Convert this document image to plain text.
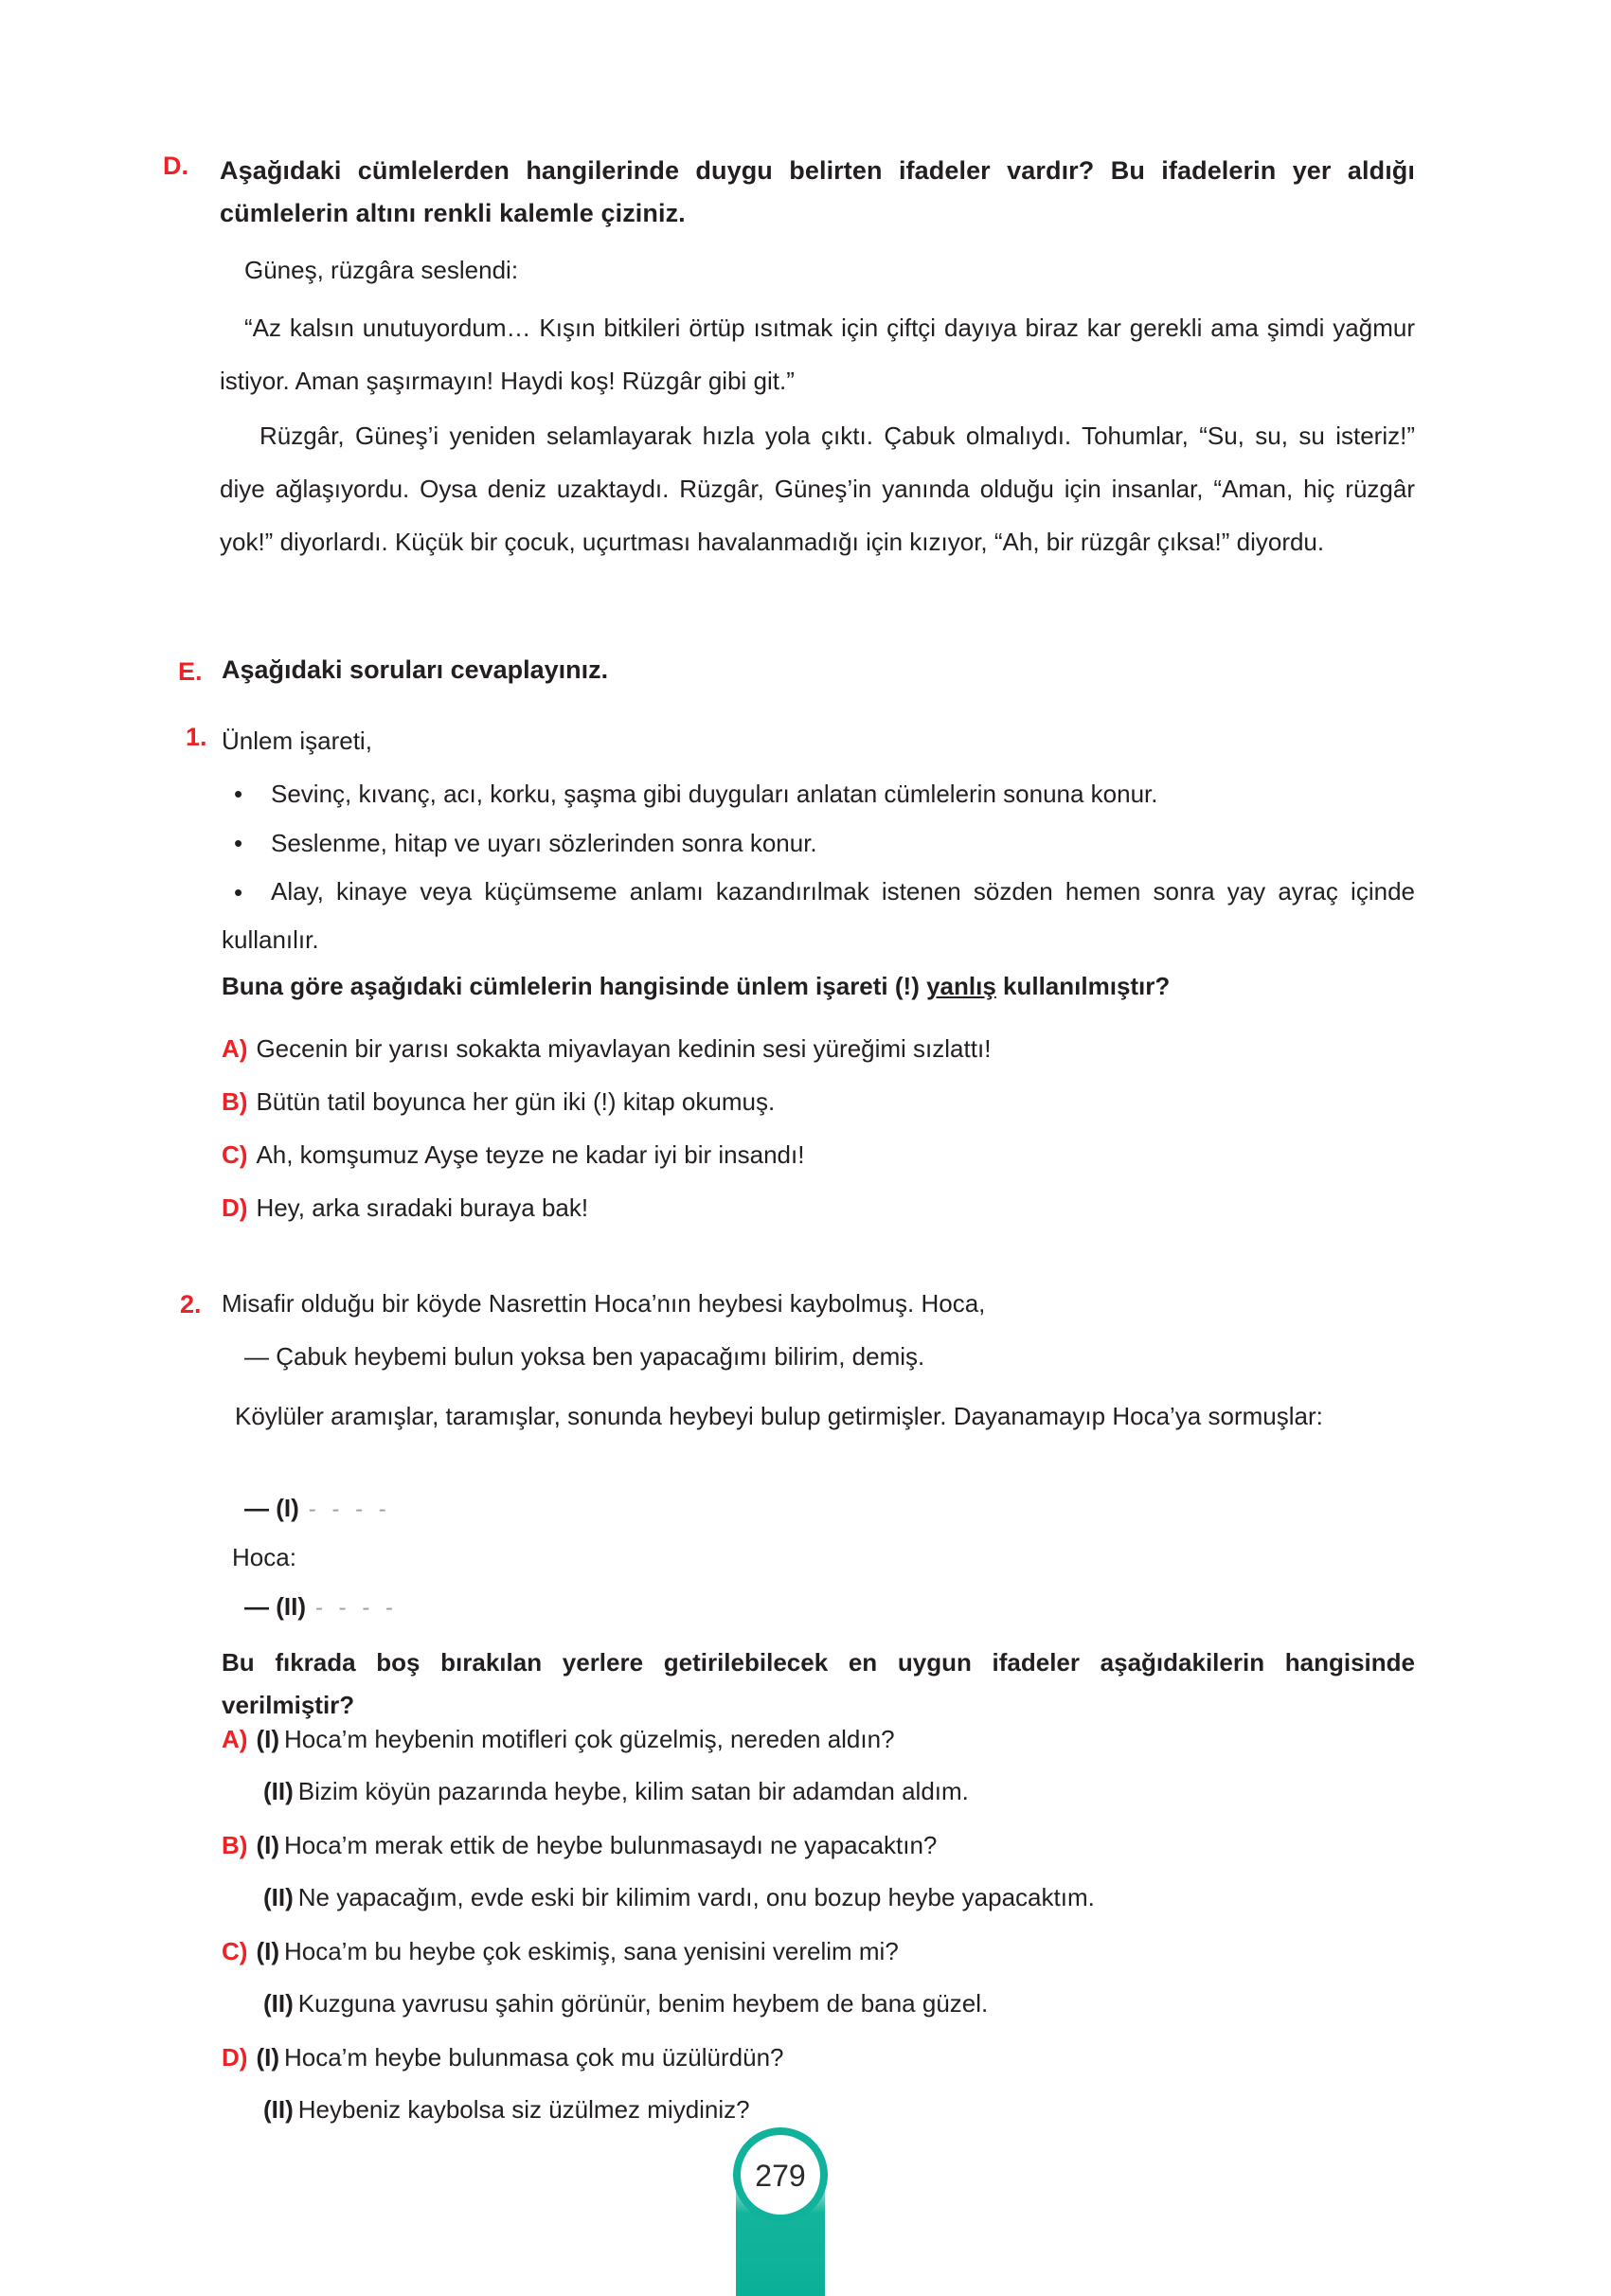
D. Aşağıdaki cümlelerden hangilerinde duygu belirten ifadeler vardır? Bu ifadelerin yer aldığı cümlelerin altını renkli kalemle çiziniz.
Güneş, rüzgâra seslendi:
“Az kalsın unutuyordum… Kışın bitkileri örtüp ısıtmak için çiftçi dayıya biraz kar gerekli ama şimdi yağmur istiyor. Aman şaşırmayın! Haydi koş! Rüzgâr gibi git.”
Rüzgâr, Güneş’i yeniden selamlayarak hızla yola çıktı. Çabuk olmalıydı. Tohumlar, “Su, su, su isteriz!” diye ağlaşıyordu. Oysa deniz uzaktaydı. Rüzgâr, Güneş’in yanında olduğu için insanlar, “Aman, hiç rüzgâr yok!” diyorlardı. Küçük bir çocuk, uçurtması havalanmadığı için kızıyor, “Ah, bir rüzgâr çıksa!” diyordu.
E. Aşağıdaki soruları cevaplayınız.
1. Ünlem işareti,
• Sevinç, kıvanç, acı, korku, şaşma gibi duyguları anlatan cümlelerin sonuna konur.
• Seslenme, hitap ve uyarı sözlerinden sonra konur.
•	Alay, kinaye veya küçümseme anlamı kazandırılmak istenen sözden hemen sonra yay ayraç içinde kullanılır.
Buna göre aşağıdaki cümlelerin hangisinde ünlem işareti (!) yanlış kullanılmıştır?
A) Gecenin bir yarısı sokakta miyavlayan kedinin sesi yüreğimi sızlattı!
B) Bütün tatil boyunca her gün iki (!) kitap okumuş.
C) Ah, komşumuz Ayşe teyze ne kadar iyi bir insandı!
D) Hey, arka sıradaki buraya bak!
2. Misafir olduğu bir köyde Nasrettin Hoca’nın heybesi kaybolmuş. Hoca,
— Çabuk heybemi bulun yoksa ben yapacağımı bilirim, demiş.
Köylüler aramışlar, taramışlar, sonunda heybeyi bulup getirmişler. Dayanamayıp Hoca’ya sormuşlar:
— (I) - - - -
Hoca:
— (II) - - - -
Bu fıkrada boş bırakılan yerlere getirilebilecek en uygun ifadeler aşağıdakilerin hangisinde verilmiştir?
A) (I) Hoca’m heybenin motifleri çok güzelmiş, nereden aldın?
(II) Bizim köyün pazarında heybe, kilim satan bir adamdan aldım.
B) (I) Hoca’m merak ettik de heybe bulunmasaydı ne yapacaktın?
(II) Ne yapacağım, evde eski bir kilimim vardı, onu bozup heybe yapacaktım.
C) (I) Hoca’m bu heybe çok eskimiş, sana yenisini verelim mi?
(II) Kuzguna yavrusu şahin görünür, benim heybem de bana güzel.
D) (I) Hoca’m heybe bulunmasa çok mu üzülürdün?
(II) Heybeniz kaybolsa siz üzülmez miydiniz?
279
